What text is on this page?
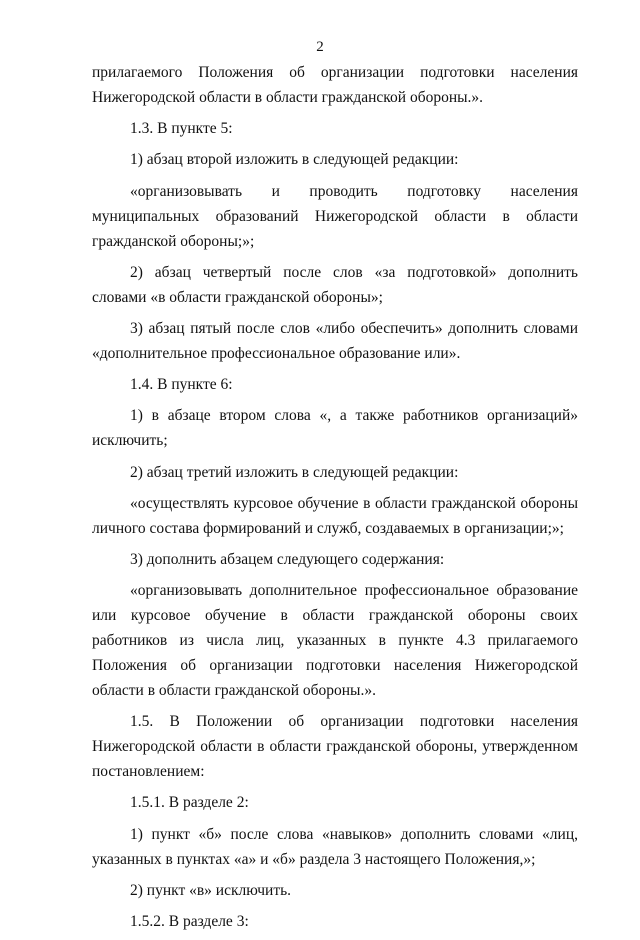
2

прилагаемого Положения об организации подготовки населения Нижегородской области в области гражданской обороны.».

1.3. В пункте 5:

1) абзац второй изложить в следующей редакции:

«организовывать и проводить подготовку населения муниципальных образований Нижегородской области в области гражданской обороны;»;

2) абзац четвертый после слов «за подготовкой» дополнить словами «в области гражданской обороны»;

3) абзац пятый после слов «либо обеспечить» дополнить словами «дополнительное профессиональное образование или».

1.4. В пункте 6:

1) в абзаце втором слова «, а также работников организаций» исключить;

2) абзац третий изложить в следующей редакции:

«осуществлять курсовое обучение в области гражданской обороны личного состава формирований и служб, создаваемых в организации;»;

3) дополнить абзацем следующего содержания:

«организовывать дополнительное профессиональное образование или курсовое обучение в области гражданской обороны своих работников из числа лиц, указанных в пункте 4.3 прилагаемого Положения об организации подготовки населения Нижегородской области в области гражданской обороны.».

1.5. В Положении об организации подготовки населения Нижегородской области в области гражданской обороны, утвержденном постановлением:

1.5.1. В разделе 2:

1) пункт «б» после слова «навыков» дополнить словами «лиц, указанных в пунктах «а» и «б» раздела 3 настоящего Положения,»;

2) пункт «в» исключить.

1.5.2. В разделе 3:
